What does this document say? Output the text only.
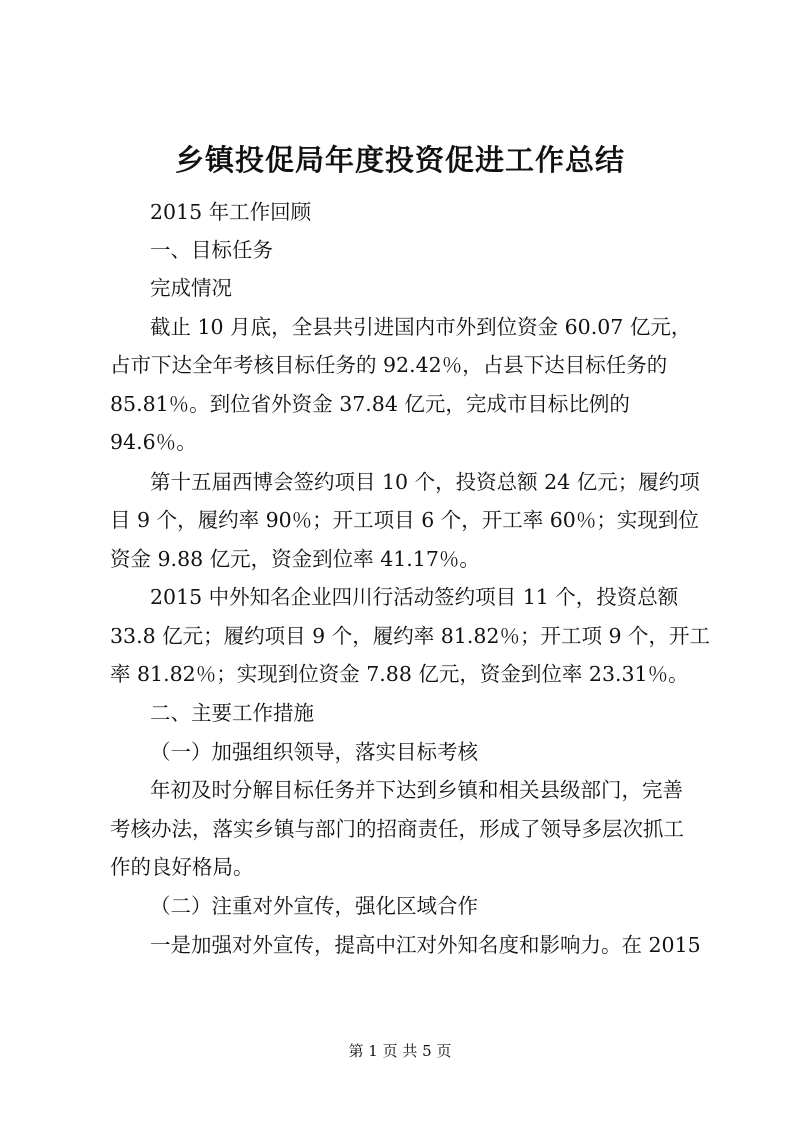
乡镇投促局年度投资促进工作总结
2015 年工作回顾
一、目标任务
完成情况
截止 10 月底，全县共引进国内市外到位资金 60.07 亿元，
占市下达全年考核目标任务的 92.42％，占县下达目标任务的
85.81％。到位省外资金 37.84 亿元，完成市目标比例的
94.6％。
第十五届西博会签约项目 10 个，投资总额 24 亿元；履约项
目 9 个，履约率 90％；开工项目 6 个，开工率 60％；实现到位
资金 9.88 亿元，资金到位率 41.17％。
2015 中外知名企业四川行活动签约项目 11 个，投资总额
33.8 亿元；履约项目 9 个，履约率 81.82％；开工项 9 个，开工
率 81.82％；实现到位资金 7.88 亿元，资金到位率 23.31％。
二、主要工作措施
（一）加强组织领导，落实目标考核
年初及时分解目标任务并下达到乡镇和相关县级部门，完善
考核办法，落实乡镇与部门的招商责任，形成了领导多层次抓工
作的良好格局。
（二）注重对外宣传，强化区域合作
一是加强对外宣传，提高中江对外知名度和影响力。在 2015
第 1 页 共 5 页
